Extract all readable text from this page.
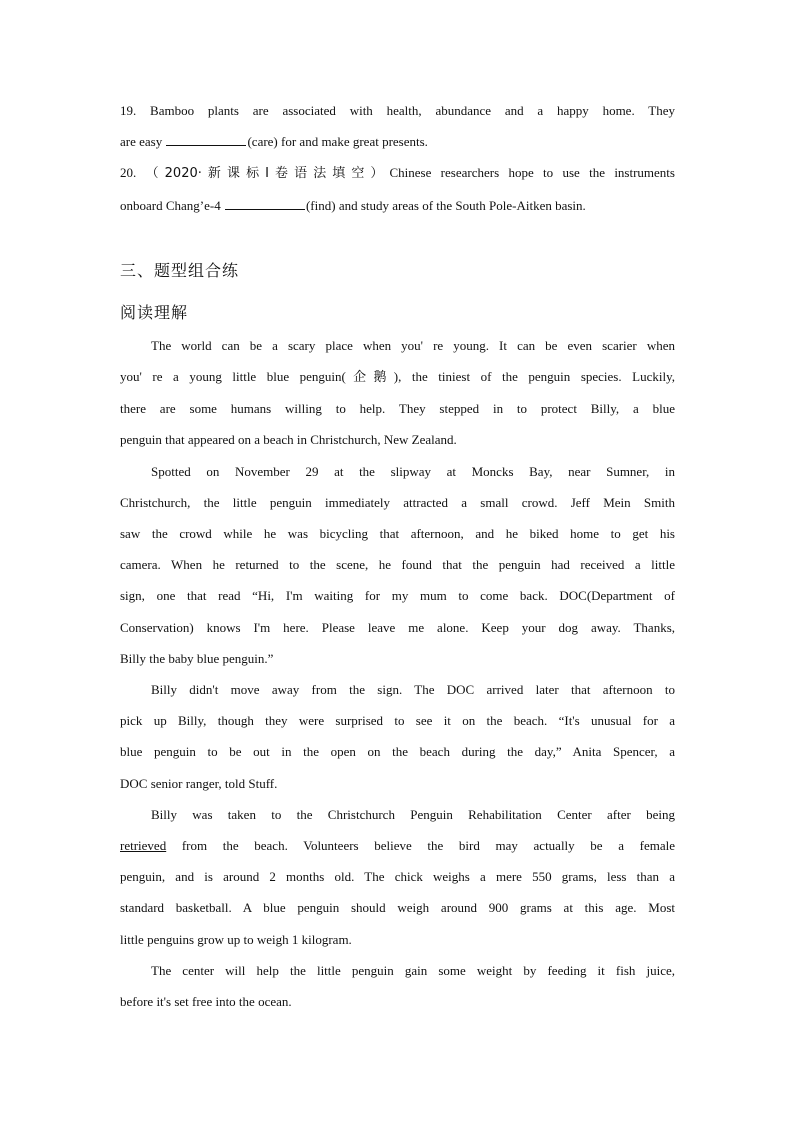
19. Bamboo plants are associated with health, abundance and a happy home. They
are easy	(care) for and make great presents.
20. （2020·新课标Ⅰ卷语法填空）Chinese researchers hope to use the instruments
onboard Chang’e-4	(find) and study areas of the South Pole-Aitken basin.
三、题型组合练
阅读理解
The world can be a scary place when you' re young. It can be even scarier when
you' re a young little blue penguin(企鹅), the tiniest of the penguin species. Luckily,
there are some humans willing to help. They stepped in to protect Billy, a blue
penguin that appeared on a beach in Christchurch, New Zealand.
Spotted on November 29 at the slipway at Moncks Bay, near Sumner, in
Christchurch, the little penguin immediately attracted a small crowd. Jeff Mein Smith
saw the crowd while he was bicycling that afternoon, and he biked home to get his
camera. When he returned to the scene, he found that the penguin had received a little
sign, one that read “Hi, I'm waiting for my mum to come back. DOC(Department of
Conservation) knows I'm here. Please leave me alone. Keep your dog away. Thanks,
Billy the baby blue penguin.”
Billy didn't move away from the sign. The DOC arrived later that afternoon to
pick up Billy, though they were surprised to see it on the beach. “It's unusual for a
blue penguin to be out in the open on the beach during the day,” Anita Spencer, a
DOC senior ranger, told Stuff.
Billy was taken to the Christchurch Penguin Rehabilitation Center after being
retrieved from the beach. Volunteers believe the bird may actually be a female
penguin, and is around 2 months old. The chick weighs a mere 550 grams, less than a
standard basketball. A blue penguin should weigh around 900 grams at this age. Most
little penguins grow up to weigh 1 kilogram.
The center will help the little penguin gain some weight by feeding it fish juice,
before it's set free into the ocean.
